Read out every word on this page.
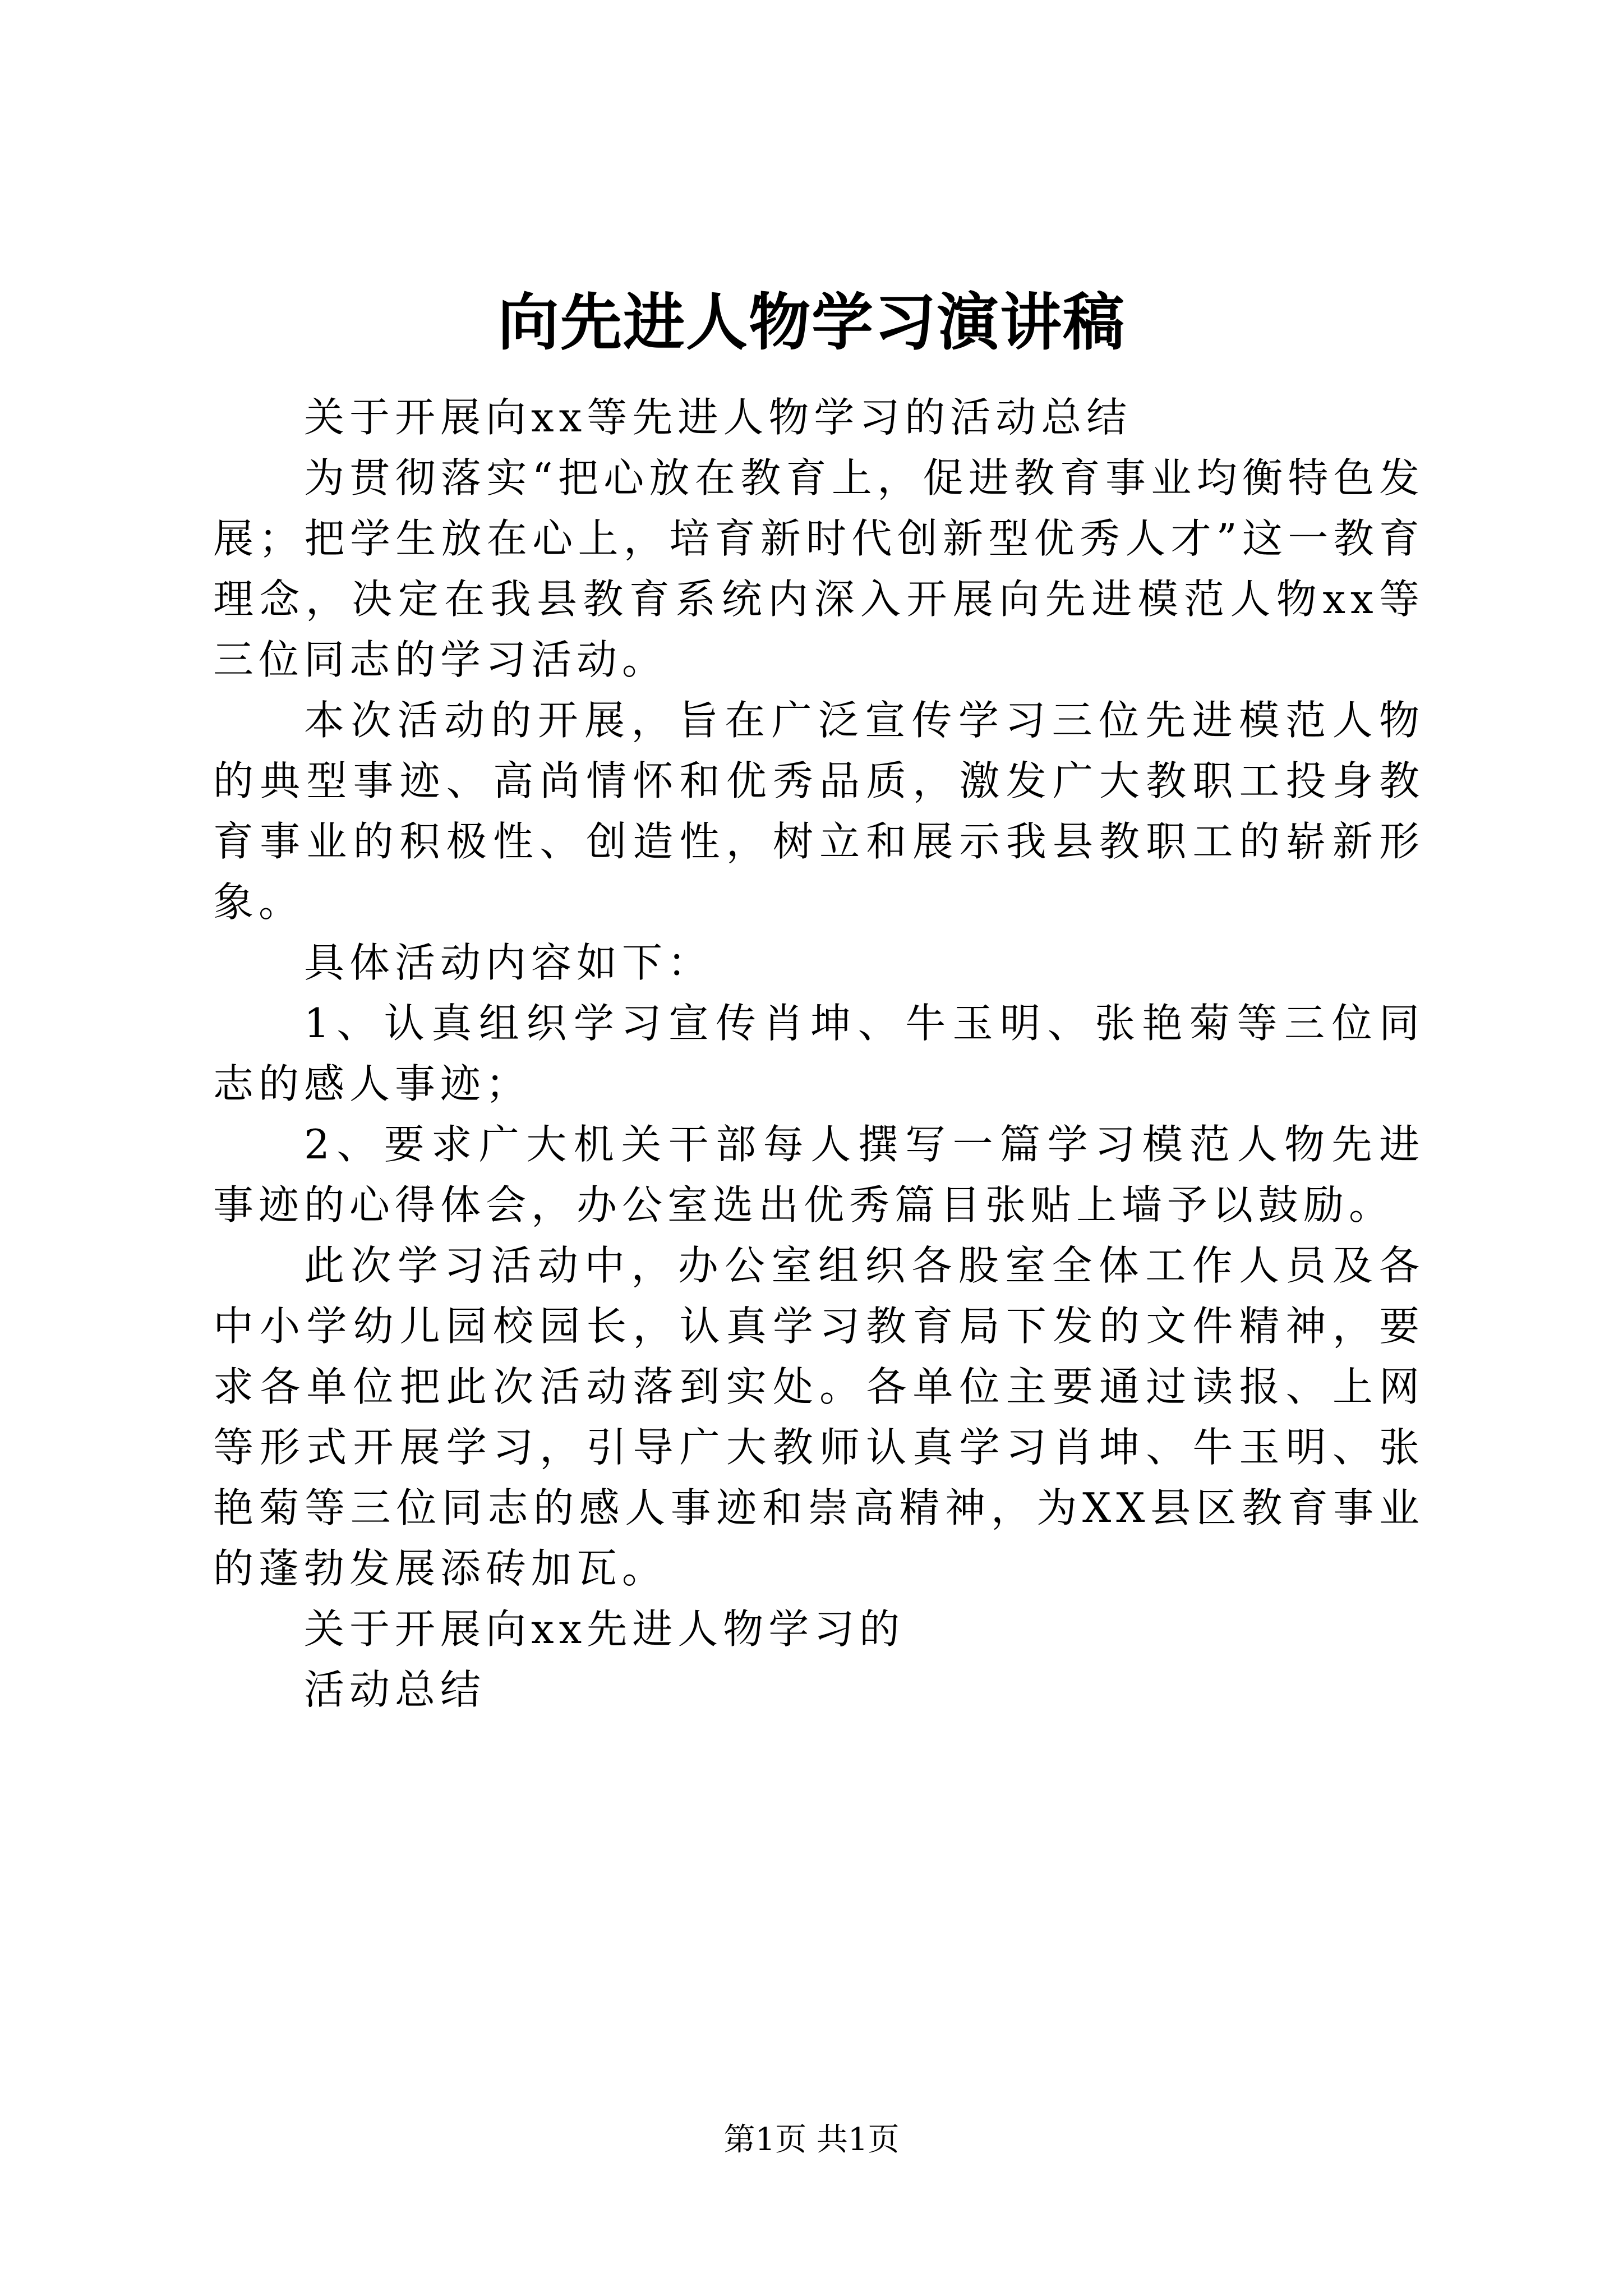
向先进人物学习演讲稿

关于开展向xx等先进人物学习的活动总结

为贯彻落实“把心放在教育上，促进教育事业均衡特色发展；把学生放在心上，培育新时代创新型优秀人才”这一教育理念，决定在我县教育系统内深入开展向先进模范人物xx等三位同志的学习活动。

本次活动的开展，旨在广泛宣传学习三位先进模范人物的典型事迹、高尚情怀和优秀品质，激发广大教职工投身教育事业的积极性、创造性，树立和展示我县教职工的崭新形象。

具体活动内容如下：

1、认真组织学习宣传肖坤、牛玉明、张艳菊等三位同志的感人事迹；

2、要求广大机关干部每人撰写一篇学习模范人物先进事迹的心得体会，办公室选出优秀篇目张贴上墙予以鼓励。

此次学习活动中，办公室组织各股室全体工作人员及各中小学幼儿园校园长，认真学习教育局下发的文件精神，要求各单位把此次活动落到实处。各单位主要通过读报、上网等形式开展学习，引导广大教师认真学习肖坤、牛玉明、张艳菊等三位同志的感人事迹和崇高精神，为XX县区教育事业的蓬勃发展添砖加瓦。

关于开展向xx先进人物学习的

活动总结

第1页 共1页
